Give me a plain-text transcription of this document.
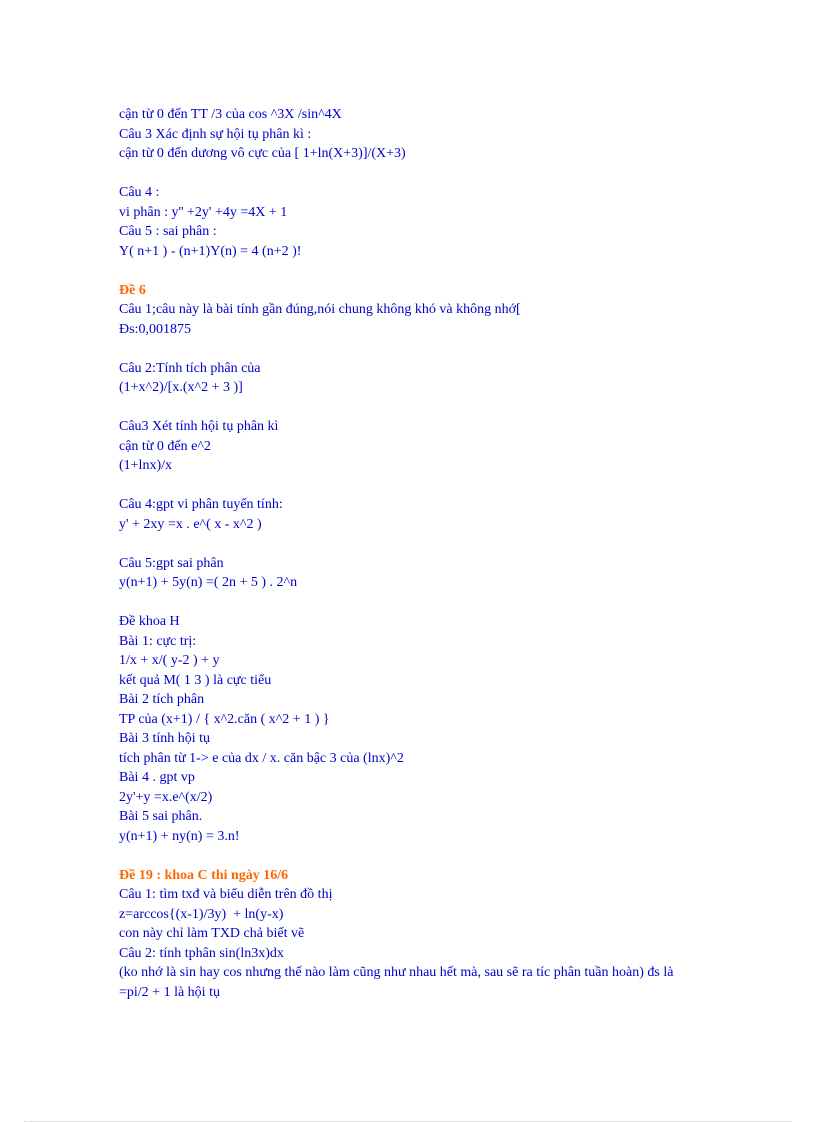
cận từ 0 đến TT /3 của cos ^3X /sin^4X
Câu 3 Xác định sự hội tụ phân kì :
cận từ 0 đến dương vô cực của [ 1+ln(X+3)]/(X+3)
Câu 4 :
vi phân : y'' +2y' +4y =4X + 1
Câu 5 : sai phân :
Y( n+1 ) - (n+1)Y(n) = 4 (n+2 )!
Đề 6
Câu 1;câu này là bài tính gần đúng,nói chung không khó và không nhớ[
Đs:0,001875
Câu 2:Tính tích phân của
(1+x^2)/[x.(x^2 + 3 )]
Câu3 Xét tính hội tụ phân kì
cận từ 0 đến e^2
(1+lnx)/x
Câu 4:gpt vi phân tuyến tính:
y' + 2xy =x . e^( x - x^2 )
Câu 5:gpt sai phân
y(n+1) + 5y(n) =( 2n + 5 ) . 2^n
Đề khoa H
Bài 1: cực trị:
1/x + x/( y-2 ) + y
kết quả M( 1 3 ) là cực tiểu
Bài 2 tích phân
TP của (x+1) / { x^2.căn ( x^2 + 1 ) }
Bài 3 tính hội tụ
tích phân từ 1-> e của dx / x. căn bậc 3 của (lnx)^2
Bài 4 . gpt vp
2y'+y =x.e^(x/2)
Bài 5 sai phân.
y(n+1) + ny(n) = 3.n!
Đề 19 : khoa C thi ngày 16/6
Câu 1: tìm txđ và biểu diễn trên đồ thị
z=arccos{(x-1)/3y)  + ln(y-x)
con này chỉ làm TXD chả biết vẽ
Câu 2: tính tphân sin(ln3x)dx
(ko nhớ là sin hay cos nhưng thế nào làm cũng như nhau hết mà, sau sẽ ra tíc phân tuần hoàn) đs là
=pi/2 + 1 là hội tụ
